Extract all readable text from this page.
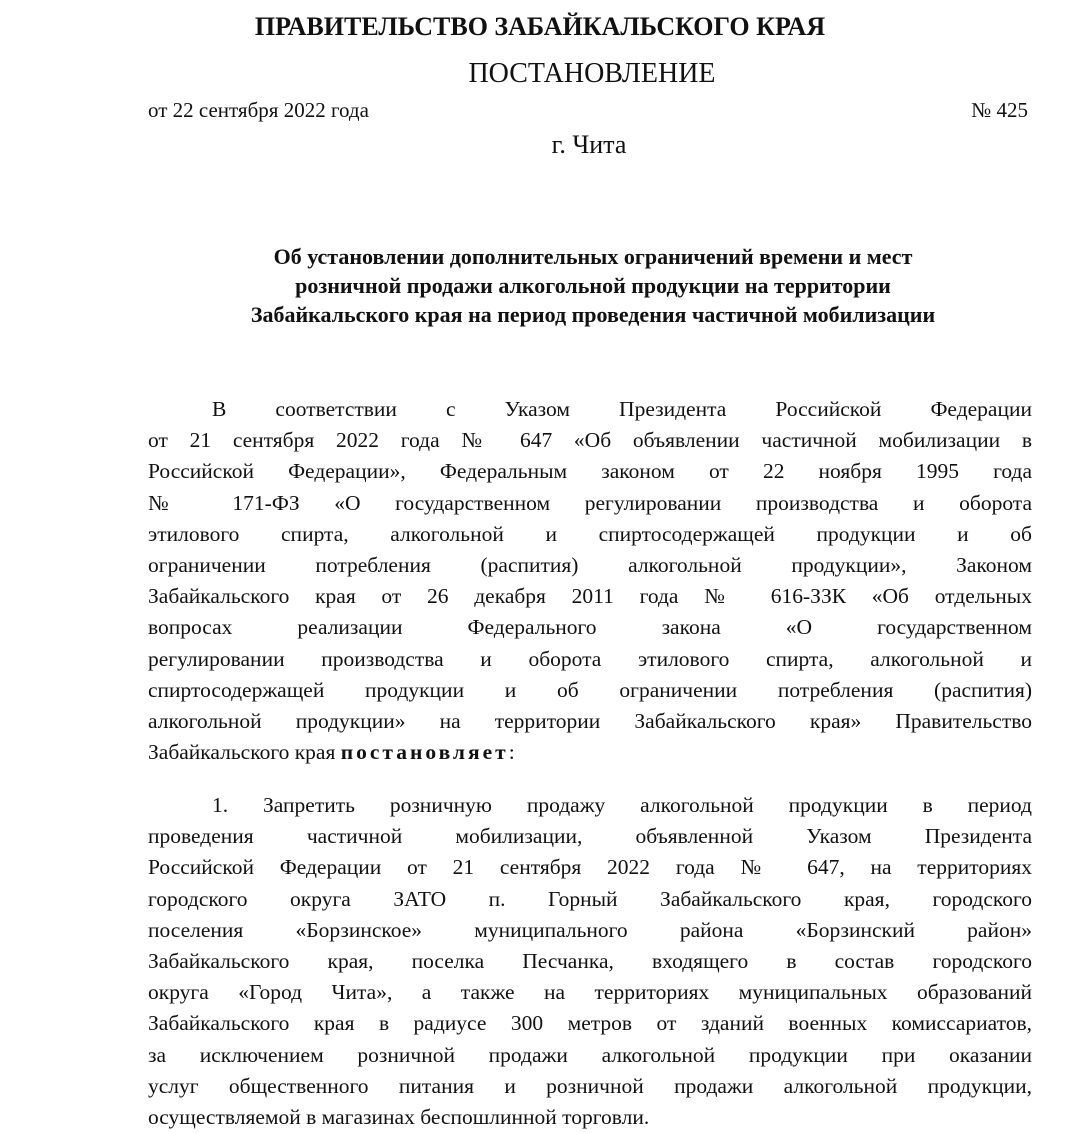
ПРАВИТЕЛЬСТВО ЗАБАЙКАЛЬСКОГО КРАЯ
ПОСТАНОВЛЕНИЕ
от 22 сентября 2022 года	№ 425
г. Чита
Об установлении дополнительных ограничений времени и мест
розничной продажи алкогольной продукции на территории
Забайкальского края на период проведения частичной мобилизации
В соответствии с Указом Президента Российской Федерации
от 21 сентября 2022 года № 647 «Об объявлении частичной мобилизации в
Российской Федерации», Федеральным законом от 22 ноября 1995 года
№ 171-ФЗ «О государственном регулировании производства и оборота
этилового спирта, алкогольной и спиртосодержащей продукции и об
ограничении потребления (распития) алкогольной продукции», Законом
Забайкальского края от 26 декабря 2011 года № 616-ЗЗК «Об отдельных
вопросах реализации Федерального закона «О государственном
регулировании производства и оборота этилового спирта, алкогольной и
спиртосодержащей продукции и об ограничении потребления (распития)
алкогольной продукции» на территории Забайкальского края» Правительство
Забайкальского края постановляет:
1. Запретить розничную продажу алкогольной продукции в период
проведения частичной мобилизации, объявленной Указом Президента
Российской Федерации от 21 сентября 2022 года № 647, на территориях
городского округа ЗАТО п. Горный Забайкальского края, городского
поселения «Борзинское» муниципального района «Борзинский район»
Забайкальского края, поселка Песчанка, входящего в состав городского
округа «Город Чита», а также на территориях муниципальных образований
Забайкальского края в радиусе 300 метров от зданий военных комиссариатов,
за исключением розничной продажи алкогольной продукции при оказании
услуг общественного питания и розничной продажи алкогольной продукции,
осуществляемой в магазинах беспошлинной торговли.
